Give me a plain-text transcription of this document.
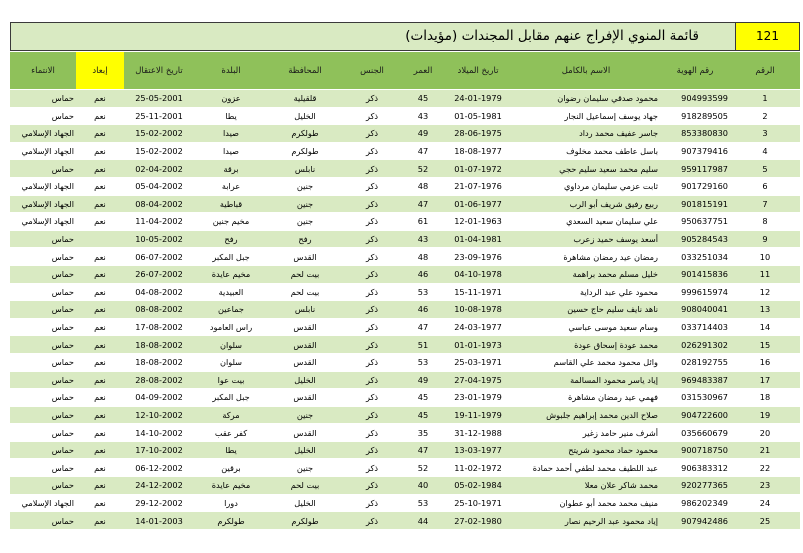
121
قائمة المنوي الإفراج عنهم مقابل المجندات (مؤيدات)
الرقم	رقم الهوية	الاسم بالكامل	تاريخ الميلاد	العمر	الجنس	المحافظة	البلدة	تاريخ الاعتقال	إبعاد	الانتماء
1	904993599	محمود صدقي سليمان رضوان	24-01-1979	45	ذكر	قلقيلية	عزون	25-05-2001	نعم	حماس
2	918289505	جهاد يوسف إسماعيل النجار	01-05-1981	43	ذكر	الخليل	يطا	25-11-2001	نعم	حماس
3	853380830	جاسر عفيف محمد رداد	28-06-1975	49	ذكر	طولكرم	صيدا	15-02-2002	نعم	الجهاد الإسلامي
4	907379416	باسل عاطف محمد مخلوف	18-08-1977	47	ذكر	طولكرم	صيدا	15-02-2002	نعم	الجهاد الإسلامي
5	959117987	سليم محمد سعيد سليم حجي	01-07-1972	52	ذكر	نابلس	برقة	02-04-2002	نعم	حماس
6	901729160	ثابت عزمي سليمان مرداوي	21-07-1976	48	ذكر	جنين	عرابة	05-04-2002	نعم	الجهاد الإسلامي
7	901815191	ربيع رفيق شريف أبو الرب	01-06-1977	47	ذكر	جنين	قباطية	08-04-2002	نعم	الجهاد الإسلامي
8	950637751	علي سليمان سعيد السعدي	12-01-1963	61	ذكر	جنين	مخيم جنين	11-04-2002	نعم	الجهاد الإسلامي
9	905284543	أسعد يوسف حميد زعرب	01-04-1981	43	ذكر	رفح	رفح	10-05-2002		حماس
10	033251034	رمضان عيد رمضان مشاهرة	23-09-1976	48	ذكر	القدس	جبل المكبر	06-07-2002	نعم	حماس
11	901415836	خليل مسلم محمد براهمة	04-10-1978	46	ذكر	بيت لحم	مخيم عايدة	26-07-2002	نعم	حماس
12	999615974	محمود علي عبد الرداية	15-11-1971	53	ذكر	بيت لحم	العبيدية	04-08-2002	نعم	حماس
13	908040041	ناهد نايف سليم حاج حسين	10-08-1978	46	ذكر	نابلس	جماعين	08-08-2002	نعم	حماس
14	033714403	وسام سعيد موسى عباسي	24-03-1977	47	ذكر	القدس	راس العامود	17-08-2002	نعم	حماس
15	026291302	محمد عودة إسحاق عودة	01-01-1973	51	ذكر	القدس	سلوان	18-08-2002	نعم	حماس
16	028192755	وائل محمود محمد علي القاسم	25-03-1971	53	ذكر	القدس	سلوان	18-08-2002	نعم	حماس
17	969483387	إياد ياسر محمود المسالمة	27-04-1975	49	ذكر	الخليل	بيت عوا	28-08-2002	نعم	حماس
18	031530967	فهمي عيد رمضان مشاهرة	23-01-1979	45	ذكر	القدس	جبل المكبر	04-09-2002	نعم	حماس
19	904722600	صلاح الدين محمد إبراهيم جلبوش	19-11-1979	45	ذكر	جنين	مركة	12-10-2002	نعم	حماس
20	035660679	أشرف منير حامد زغير	31-12-1988	35	ذكر	القدس	كفر عقب	14-10-2002	نعم	حماس
21	900718750	محمود حماد محمود شريتح	13-03-1977	47	ذكر	الخليل	يطا	17-10-2002	نعم	حماس
22	906383312	عبد اللطيف محمد لطفي أحمد حمادة	11-02-1972	52	ذكر	جنين	برقين	06-12-2002	نعم	حماس
23	920277365	محمد شاكر علان معلا	05-02-1984	40	ذكر	بيت لحم	مخيم عايدة	24-12-2002	نعم	حماس
24	986202349	منيف محمد محمد أبو عطوان	25-10-1971	53	ذكر	الخليل	دورا	29-12-2002	نعم	الجهاد الإسلامي
25	907942486	إياد محمود عبد الرحيم نصار	27-02-1980	44	ذكر	طولكرم	طولكرم	14-01-2003	نعم	حماس
